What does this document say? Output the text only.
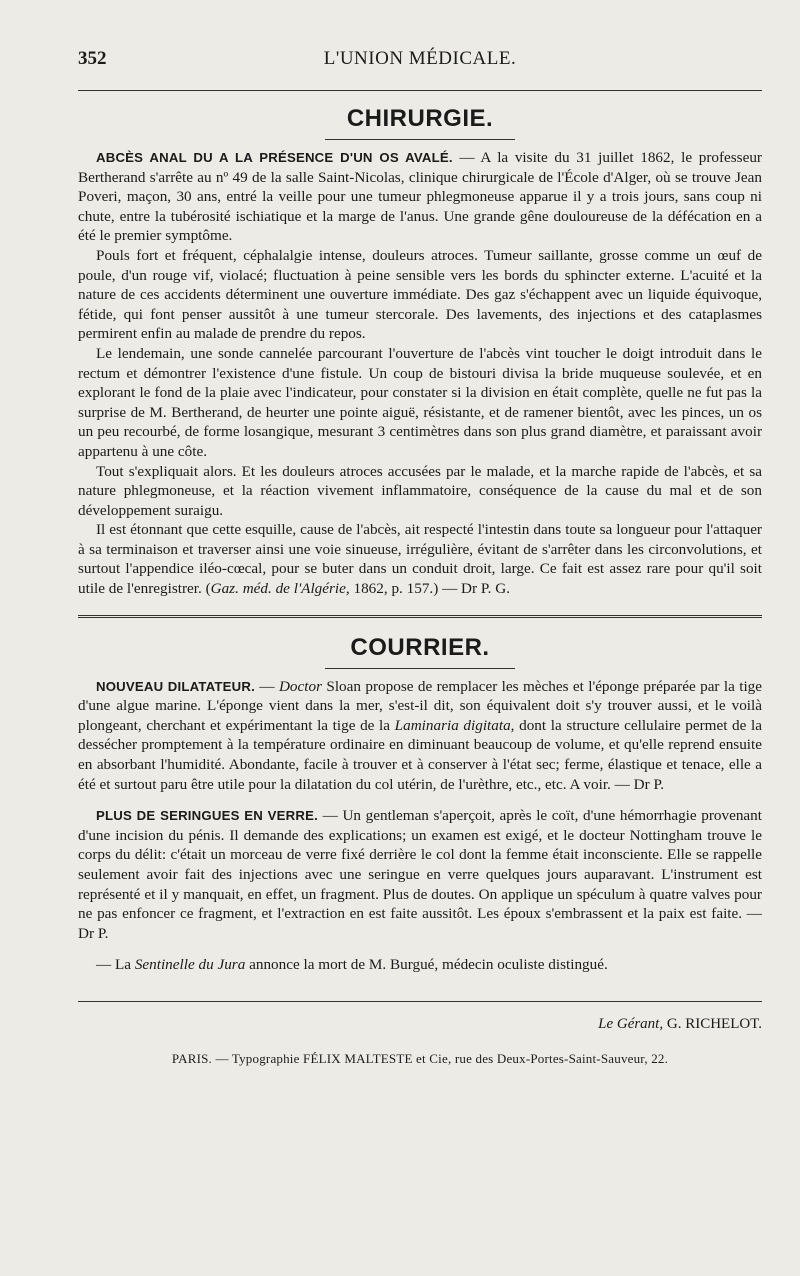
352	L'UNION MÉDICALE.
CHIRURGIE.

ABCÈS ANAL DU A LA PRÉSENCE D'UN OS AVALÉ. — A la visite du 31 juillet 1862, le professeur Bertherand s'arrête au nº 49 de la salle Saint-Nicolas, clinique chirurgicale de l'École d'Alger, où se trouve Jean Poveri, maçon, 30 ans, entré la veille pour une tumeur phlegmoneuse apparue il y a trois jours, sans coup ni chute, entre la tubérosité ischiatique et la marge de l'anus. Une grande gêne douloureuse de la défécation en a été le premier symptôme.

Pouls fort et fréquent, céphalalgie intense, douleurs atroces. Tumeur saillante, grosse comme un œuf de poule, d'un rouge vif, violacé; fluctuation à peine sensible vers les bords du sphincter externe. L'acuité et la nature de ces accidents déterminent une ouverture immédiate. Des gaz s'échappent avec un liquide équivoque, fétide, qui font penser aussitôt à une tumeur stercorale. Des lavements, des injections et des cataplasmes permirent enfin au malade de prendre du repos.

Le lendemain, une sonde cannelée parcourant l'ouverture de l'abcès vint toucher le doigt introduit dans le rectum et démontrer l'existence d'une fistule. Un coup de bistouri divisa la bride muqueuse soulevée, et en explorant le fond de la plaie avec l'indicateur, pour constater si la division en était complète, quelle ne fut pas la surprise de M. Bertherand, de heurter une pointe aiguë, résistante, et de ramener bientôt, avec les pinces, un os un peu recourbé, de forme losangique, mesurant 3 centimètres dans son plus grand diamètre, et paraissant avoir appartenu à une côte.

Tout s'expliquait alors. Et les douleurs atroces accusées par le malade, et la marche rapide de l'abcès, et sa nature phlegmoneuse, et la réaction vivement inflammatoire, conséquence de la cause du mal et de son développement suraigu.

Il est étonnant que cette esquille, cause de l'abcès, ait respecté l'intestin dans toute sa longueur pour l'attaquer à sa terminaison et traverser ainsi une voie sinueuse, irrégulière, évitant de s'arrêter dans les circonvolutions, et surtout l'appendice iléo-cœcal, pour se buter dans un conduit droit, large. Ce fait est assez rare pour qu'il soit utile de l'enregistrer. (Gaz. méd. de l'Algérie, 1862, p. 157.) — Dr P. G.

COURRIER.

NOUVEAU DILATATEUR. — Doctor Sloan propose de remplacer les mèches et l'éponge préparée par la tige d'une algue marine. L'éponge vient dans la mer, s'est-il dit, son équivalent doit s'y trouver aussi, et le voilà plongeant, cherchant et expérimentant la tige de la Laminaria digitata, dont la structure cellulaire permet de la dessécher promptement à la température ordinaire en diminuant beaucoup de volume, et qu'elle reprend ensuite en absorbant l'humidité. Abondante, facile à trouver et à conserver à l'état sec; ferme, élastique et tenace, elle a été et surtout paru être utile pour la dilatation du col utérin, de l'urèthre, etc., etc. A voir. — Dr P.

PLUS DE SERINGUES EN VERRE. — Un gentleman s'aperçoit, après le coït, d'une hémorrhagie provenant d'une incision du pénis. Il demande des explications; un examen est exigé, et le docteur Nottingham trouve le corps du délit: c'était un morceau de verre fixé derrière le col dont la femme était inconsciente. Elle se rappelle seulement avoir fait des injections avec une seringue en verre quelques jours auparavant. L'instrument est représenté et il y manquait, en effet, un fragment. Plus de doutes. On applique un spéculum à quatre valves pour ne pas enfoncer ce fragment, et l'extraction en est faite aussitôt. Les époux s'embrassent et la paix est faite. — Dr P.

— La Sentinelle du Jura annonce la mort de M. Burgué, médecin oculiste distingué.

Le Gérant, G. RICHELOT.
PARIS. — Typographie FÉLIX MALTESTE et Cie, rue des Deux-Portes-Saint-Sauveur, 22.
